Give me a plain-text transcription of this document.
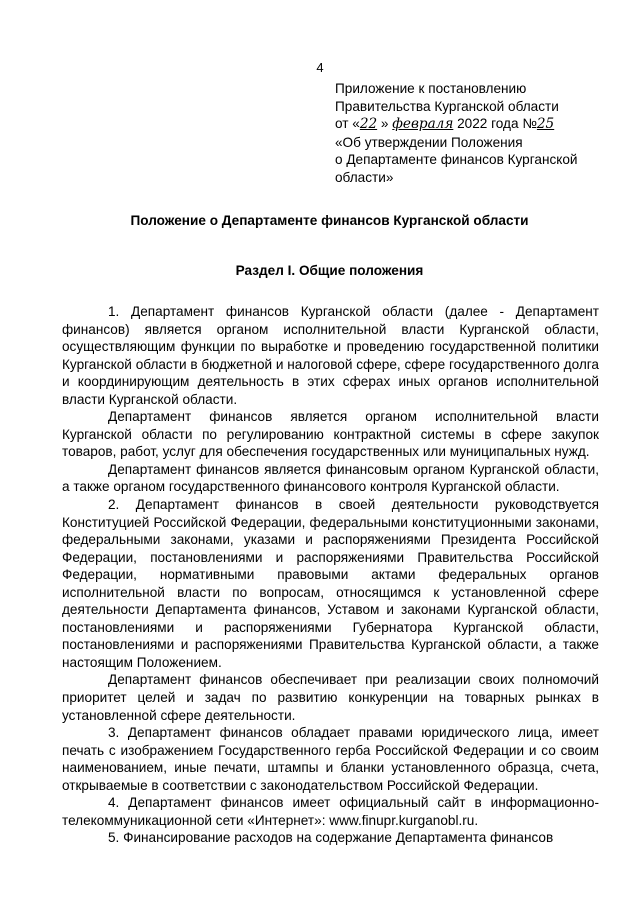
4
Приложение к постановлению
Правительства Курганской области
от «22 » февраля 2022 года №25
«Об утверждении Положения
о Департаменте финансов Курганской
области»
Положение о Департаменте финансов Курганской области
Раздел I. Общие положения

1. Департамент финансов Курганской области (далее - Департамент финансов) является органом исполнительной власти Курганской области, осуществляющим функции по выработке и проведению государственной политики Курганской области в бюджетной и налоговой сфере, сфере государственного долга и координирующим деятельность в этих сферах иных органов исполнительной власти Курганской области.

Департамент финансов является органом исполнительной власти Курганской области по регулированию контрактной системы в сфере закупок товаров, работ, услуг для обеспечения государственных или муниципальных нужд.

Департамент финансов является финансовым органом Курганской области, а также органом государственного финансового контроля Курганской области.

2. Департамент финансов в своей деятельности руководствуется Конституцией Российской Федерации, федеральными конституционными законами, федеральными законами, указами и распоряжениями Президента Российской Федерации, постановлениями и распоряжениями Правительства Российской Федерации, нормативными правовыми актами федеральных органов исполнительной власти по вопросам, относящимся к установленной сфере деятельности Департамента финансов, Уставом и законами Курганской области, постановлениями и распоряжениями Губернатора Курганской области, постановлениями и распоряжениями Правительства Курганской области, а также настоящим Положением.

Департамент финансов обеспечивает при реализации своих полномочий приоритет целей и задач по развитию конкуренции на товарных рынках в установленной сфере деятельности.

3. Департамент финансов обладает правами юридического лица, имеет печать с изображением Государственного герба Российской Федерации и со своим наименованием, иные печати, штампы и бланки установленного образца, счета, открываемые в соответствии с законодательством Российской Федерации.

4. Департамент финансов имеет официальный сайт в информационно-телекоммуникационной сети «Интернет»: www.finupr.kurganobl.ru.

5. Финансирование расходов на содержание Департамента финансов
